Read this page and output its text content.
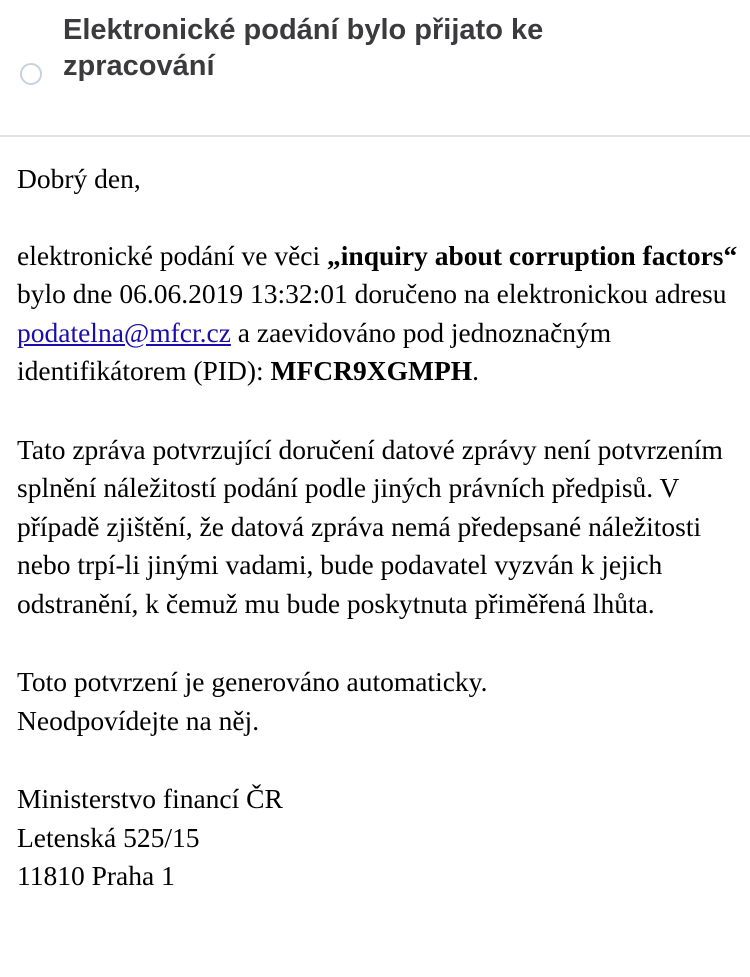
Elektronické podání bylo přijato ke zpracování

Dobrý den,

elektronické podání ve věci „inquiry about corruption factors“ bylo dne 06.06.2019 13:32:01 doručeno na elektronickou adresu podatelna@mfcr.cz a zaevidováno pod jednoznačným identifikátorem (PID): MFCR9XGMPH.

Tato zpráva potvrzující doručení datové zprávy není potvrzením splnění náležitostí podání podle jiných právních předpisů. V případě zjištění, že datová zpráva nemá předepsané náležitosti nebo trpí-li jinými vadami, bude podavatel vyzván k jejich odstranění, k čemuž mu bude poskytnuta přiměřená lhůta.

Toto potvrzení je generováno automaticky.
Neodpovídejte na něj.

Ministerstvo financí ČR
Letenská 525/15
11810 Praha 1
